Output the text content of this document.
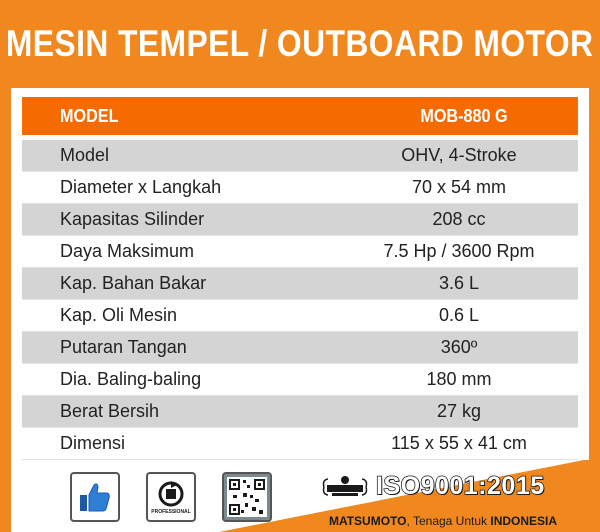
MESIN TEMPEL / OUTBOARD MOTOR
MODEL	MOB-880 G
Model	OHV, 4-Stroke
Diameter x Langkah	70 x 54 mm
Kapasitas Silinder	208 cc
Daya Maksimum	7.5 Hp / 3600 Rpm
Kap. Bahan Bakar	3.6 L
Kap. Oli Mesin	0.6 L
Putaran Tangan	360º
Dia. Baling-baling	180 mm
Berat Bersih	27 kg
Dimensi	115 x 55 x 41 cm
PROFESSIONAL
ISO9001:2015
MATSUMOTO, Tenaga Untuk INDONESIA
